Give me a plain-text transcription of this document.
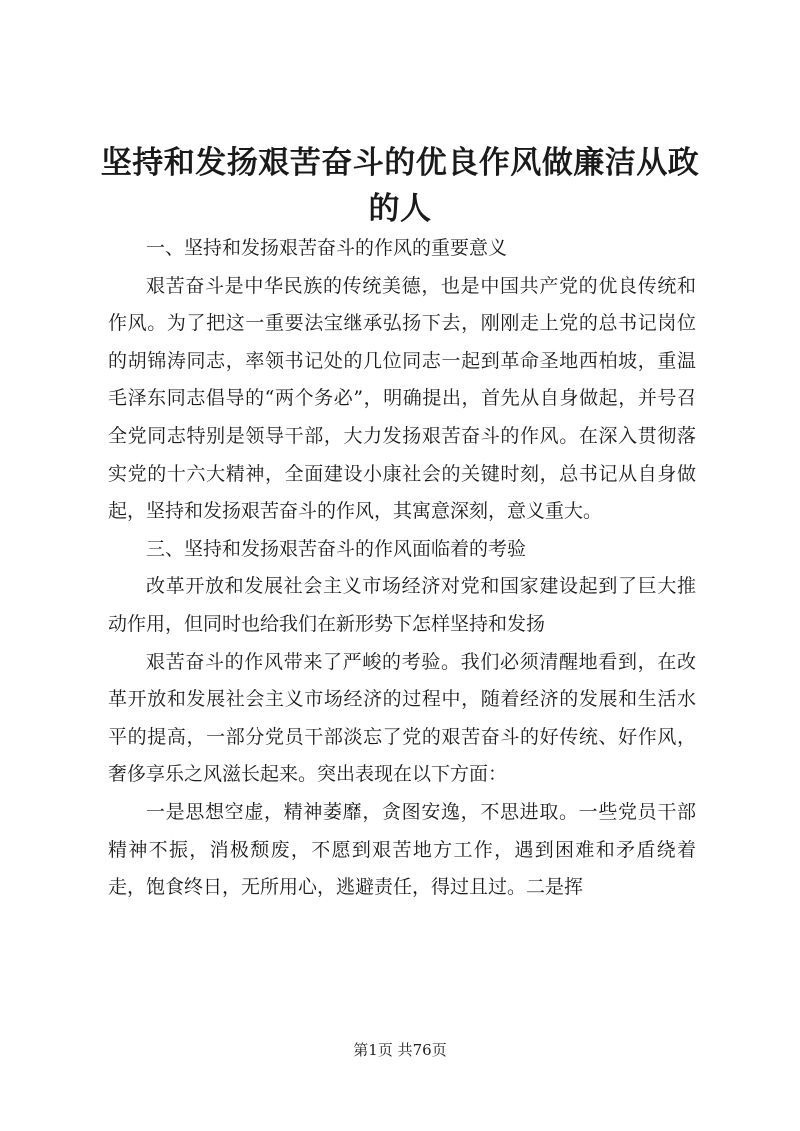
坚持和发扬艰苦奋斗的优良作风做廉洁从政的人

一、坚持和发扬艰苦奋斗的作风的重要意义

艰苦奋斗是中华民族的传统美德，也是中国共产党的优良传统和作风。为了把这一重要法宝继承弘扬下去，刚刚走上党的总书记岗位的胡锦涛同志，率领书记处的几位同志一起到革命圣地西柏坡，重温毛泽东同志倡导的“两个务必”，明确提出，首先从自身做起，并号召全党同志特别是领导干部，大力发扬艰苦奋斗的作风。在深入贯彻落实党的十六大精神，全面建设小康社会的关键时刻，总书记从自身做起，坚持和发扬艰苦奋斗的作风，其寓意深刻，意义重大。

三、坚持和发扬艰苦奋斗的作风面临着的考验

改革开放和发展社会主义市场经济对党和国家建设起到了巨大推动作用，但同时也给我们在新形势下怎样坚持和发扬

艰苦奋斗的作风带来了严峻的考验。我们必须清醒地看到，在改革开放和发展社会主义市场经济的过程中，随着经济的发展和生活水平的提高，一部分党员干部淡忘了党的艰苦奋斗的好传统、好作风，奢侈享乐之风滋长起来。突出表现在以下方面：

一是思想空虚，精神萎靡，贪图安逸，不思进取。一些党员干部精神不振，消极颓废，不愿到艰苦地方工作，遇到困难和矛盾绕着走，饱食终日，无所用心，逃避责任，得过且过。二是挥

第1页 共76页
